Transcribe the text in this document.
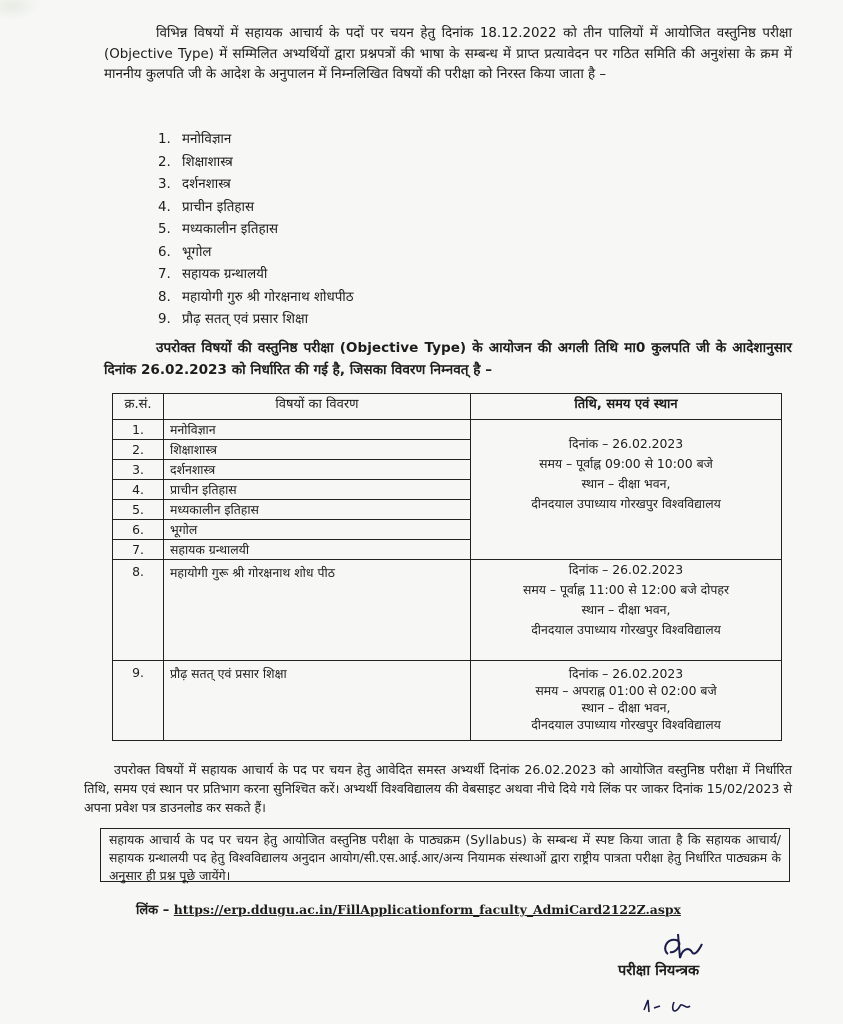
विभिन्न विषयों में सहायक आचार्य के पदों पर चयन हेतु दिनांक 18.12.2022 को तीन पालियों में आयोजित वस्तुनिष्ठ परीक्षा (Objective Type) में सम्मिलित अभ्यर्थियों द्वारा प्रश्नपत्रों की भाषा के सम्बन्ध में प्राप्त प्रत्यावेदन पर गठित समिति की अनुशंसा के क्रम में माननीय कुलपति जी के आदेश के अनुपालन में निम्नलिखित विषयों की परीक्षा को निरस्त किया जाता है –

1. मनोविज्ञान
2. शिक्षाशास्त्र
3. दर्शनशास्त्र
4. प्राचीन इतिहास
5. मध्यकालीन इतिहास
6. भूगोल
7. सहायक ग्रन्थालयी
8. महायोगी गुरु श्री गोरक्षनाथ शोधपीठ
9. प्रौढ़ सतत् एवं प्रसार शिक्षा

उपरोक्त विषयों की वस्तुनिष्ठ परीक्षा (Objective Type) के आयोजन की अगली तिथि मा0 कुलपति जी के आदेशानुसार दिनांक 26.02.2023 को निर्धारित की गई है, जिसका विवरण निम्नवत् है –

क्र.सं.	विषयों का विवरण	तिथि, समय एवं स्थान
1.	मनोविज्ञान	दिनांक – 26.02.2023
समय – पूर्वाह्न 09:00 से 10:00 बजे
स्थान – दीक्षा भवन,
दीनदयाल उपाध्याय गोरखपुर विश्वविद्यालय

2.	शिक्षाशास्त्र	
3.	दर्शनशास्त्र	
4.	प्राचीन इतिहास	
5.	मध्यकालीन इतिहास	
6.	भूगोल	
7.	सहायक ग्रन्थालयी	
8.	महायोगी गुरू श्री गोरक्षनाथ शोध पीठ	दिनांक – 26.02.2023
समय – पूर्वाह्न 11:00 से 12:00 बजे दोपहर
स्थान – दीक्षा भवन,
दीनदयाल उपाध्याय गोरखपुर विश्वविद्यालय

9.	प्रौढ़ सतत् एवं प्रसार शिक्षा	दिनांक – 26.02.2023
समय – अपराह्न 01:00 से 02:00 बजे
स्थान – दीक्षा भवन,
दीनदयाल उपाध्याय गोरखपुर विश्वविद्यालय

उपरोक्त विषयों में सहायक आचार्य के पद पर चयन हेतु आवेदित समस्त अभ्यर्थी दिनांक 26.02.2023 को आयोजित वस्तुनिष्ठ परीक्षा में निर्धारित तिथि, समय एवं स्थान पर प्रतिभाग करना सुनिश्चित करें। अभ्यर्थी विश्वविद्यालय की वेबसाइट अथवा नीचे दिये गये लिंक पर जाकर दिनांक 15/02/2023 से अपना प्रवेश पत्र डाउनलोड कर सकते हैं।

सहायक आचार्य के पद पर चयन हेतु आयोजित वस्तुनिष्ठ परीक्षा के पाठ्यक्रम (Syllabus) के सम्बन्ध में स्पष्ट किया जाता है कि सहायक आचार्य/सहायक ग्रन्थालयी पद हेतु विश्वविद्यालय अनुदान आयोग/सी.एस.आई.आर/अन्य नियामक संस्थाओं द्वारा राष्ट्रीय पात्रता परीक्षा हेतु निर्धारित पाठ्यक्रम के अनुसार ही प्रश्न पूछे जायेंगे।
लिंक – https://erp.ddugu.ac.in/FillApplicationform_faculty_AdmiCard2122Z.aspx
परीक्षा नियन्त्रक
